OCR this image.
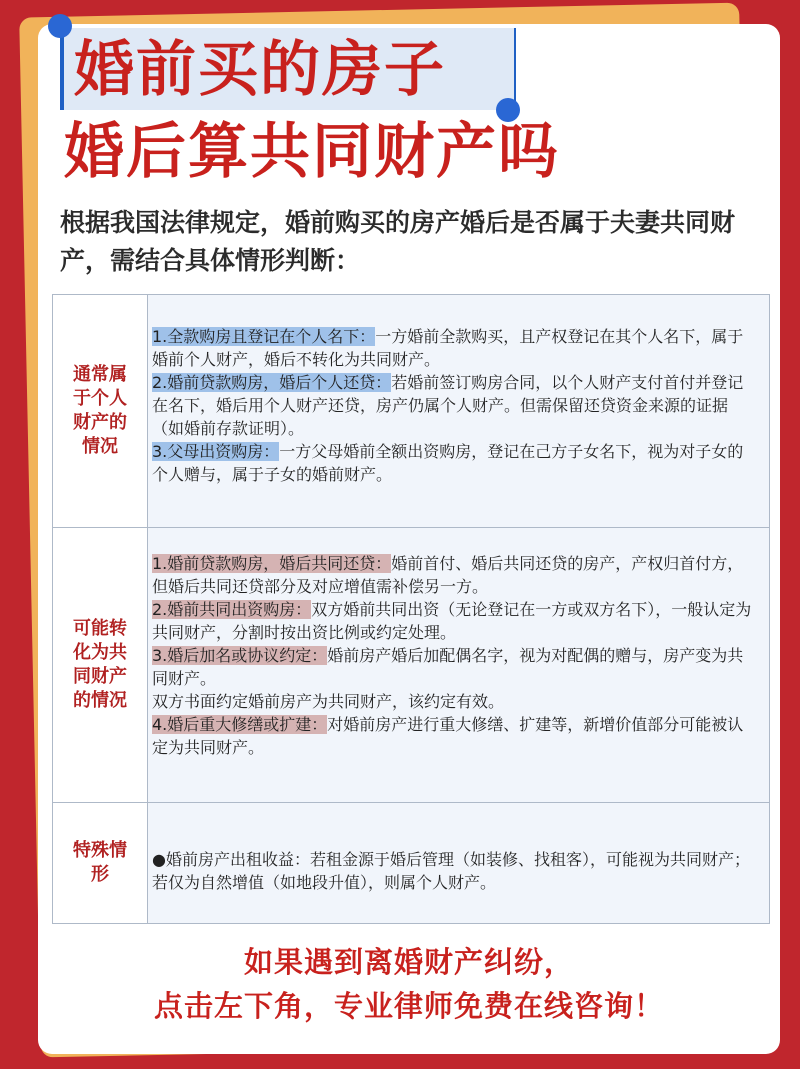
婚前买的房子
婚后算共同财产吗

根据我国法律规定，婚前购买的房产婚后是否属于夫妻共同财产，需结合具体情形判断：

通常属于个人财产的情况
1.全款购房且登记在个人名下：一方婚前全款购买，且产权登记在其个人名下，属于婚前个人财产，婚后不转化为共同财产。
2.婚前贷款购房，婚后个人还贷：若婚前签订购房合同，以个人财产支付首付并登记在名下，婚后用个人财产还贷，房产仍属个人财产。但需保留还贷资金来源的证据（如婚前存款证明）。
3.父母出资购房：一方父母婚前全额出资购房，登记在己方子女名下，视为对子女的个人赠与，属于子女的婚前财产。
可能转化为共同财产的情况
1.婚前贷款购房，婚后共同还贷：婚前首付、婚后共同还贷的房产，产权归首付方，但婚后共同还贷部分及对应增值需补偿另一方。
2.婚前共同出资购房：双方婚前共同出资（无论登记在一方或双方名下），一般认定为共同财产，分割时按出资比例或约定处理。
3.婚后加名或协议约定：婚前房产婚后加配偶名字，视为对配偶的赠与，房产变为共同财产。
双方书面约定婚前房产为共同财产，该约定有效。
4.婚后重大修缮或扩建：对婚前房产进行重大修缮、扩建等，新增价值部分可能被认定为共同财产。
特殊情形
●婚前房产出租收益：若租金源于婚后管理（如装修、找租客），可能视为共同财产；若仅为自然增值（如地段升值），则属个人财产。

如果遇到离婚财产纠纷，

点击左下角，专业律师免费在线咨询！
